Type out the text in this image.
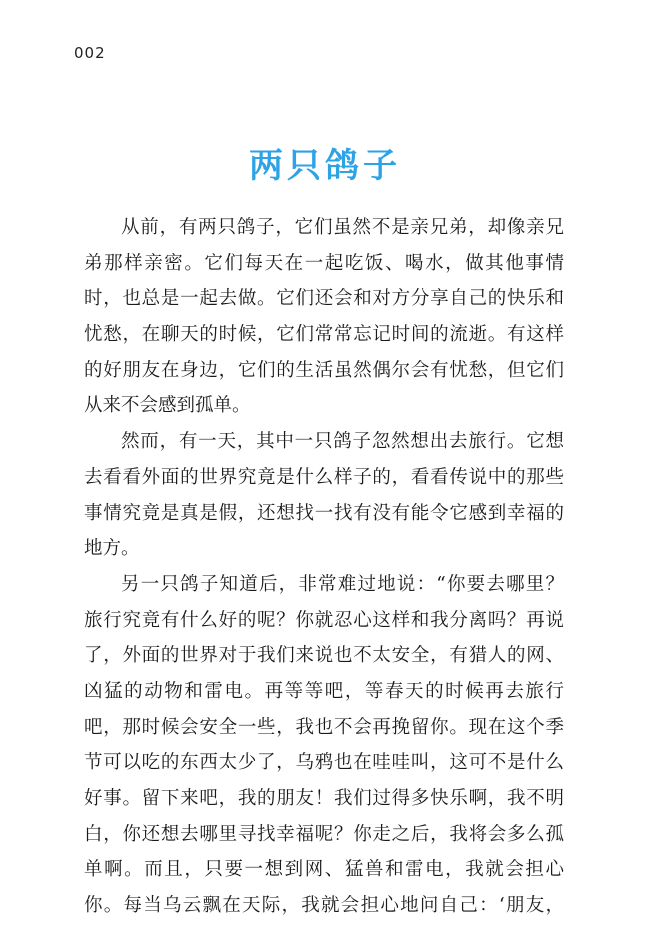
002
两只鸽子
从前，有两只鸽子，它们虽然不是亲兄弟，却像亲兄
弟那样亲密。它们每天在一起吃饭、喝水，做其他事情
时，也总是一起去做。它们还会和对方分享自己的快乐和
忧愁，在聊天的时候，它们常常忘记时间的流逝。有这样
的好朋友在身边，它们的生活虽然偶尔会有忧愁，但它们
从来不会感到孤单。
然而，有一天，其中一只鸽子忽然想出去旅行。它想
去看看外面的世界究竟是什么样子的，看看传说中的那些
事情究竟是真是假，还想找一找有没有能令它感到幸福的
地方。
另一只鸽子知道后，非常难过地说：“你要去哪里？
旅行究竟有什么好的呢？你就忍心这样和我分离吗？再说
了，外面的世界对于我们来说也不太安全，有猎人的网、
凶猛的动物和雷电。再等等吧，等春天的时候再去旅行
吧，那时候会安全一些，我也不会再挽留你。现在这个季
节可以吃的东西太少了，乌鸦也在哇哇叫，这可不是什么
好事。留下来吧，我的朋友！我们过得多快乐啊，我不明
白，你还想去哪里寻找幸福呢？你走之后，我将会多么孤
单啊。而且，只要一想到网、猛兽和雷电，我就会担心
你。每当乌云飘在天际，我就会担心地问自己：‘朋友，
